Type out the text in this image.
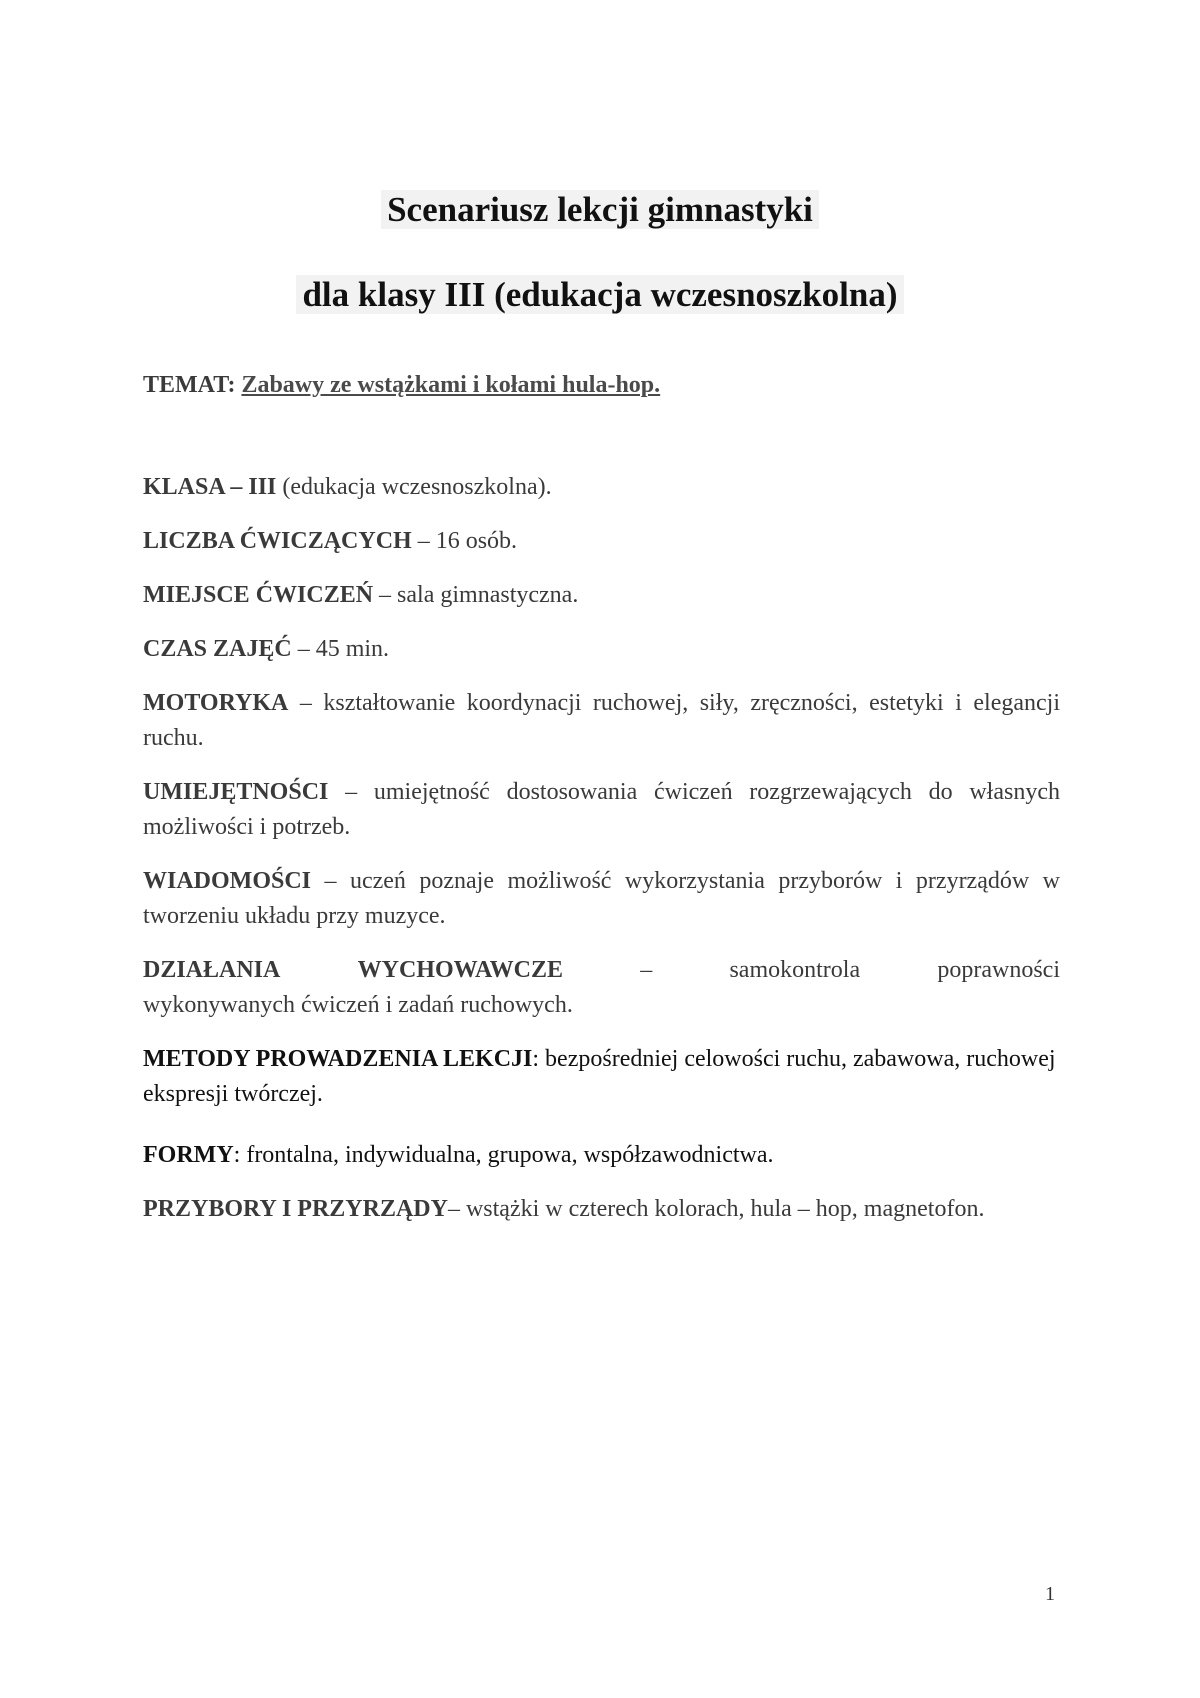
Scenariusz lekcji gimnastyki
dla klasy III (edukacja wczesnoszkolna)
TEMAT: Zabawy ze wstążkami i kołami hula-hop.
KLASA – III (edukacja wczesnoszkolna).
LICZBA ĆWICZĄCYCH – 16 osób.
MIEJSCE ĆWICZEŃ – sala gimnastyczna.
CZAS ZAJĘĆ – 45 min.
MOTORYKA – kształtowanie koordynacji ruchowej, siły, zręczności, estetyki i elegancji ruchu.
UMIEJĘTNOŚCI – umiejętność dostosowania ćwiczeń rozgrzewających do własnych możliwości i potrzeb.
WIADOMOŚCI – uczeń poznaje możliwość wykorzystania przyborów i przyrządów w tworzeniu układu przy muzyce.
DZIAŁANIA	WYCHOWAWCZE	–	samokontrola	poprawności
wykonywanych ćwiczeń i zadań ruchowych.
METODY PROWADZENIA LEKCJI: bezpośredniej celowości ruchu, zabawowa, ruchowej ekspresji twórczej.
FORMY: frontalna, indywidualna, grupowa, współzawodnictwa.
PRZYBORY I PRZYRZĄDY– wstążki w czterech kolorach, hula – hop, magnetofon.
1
